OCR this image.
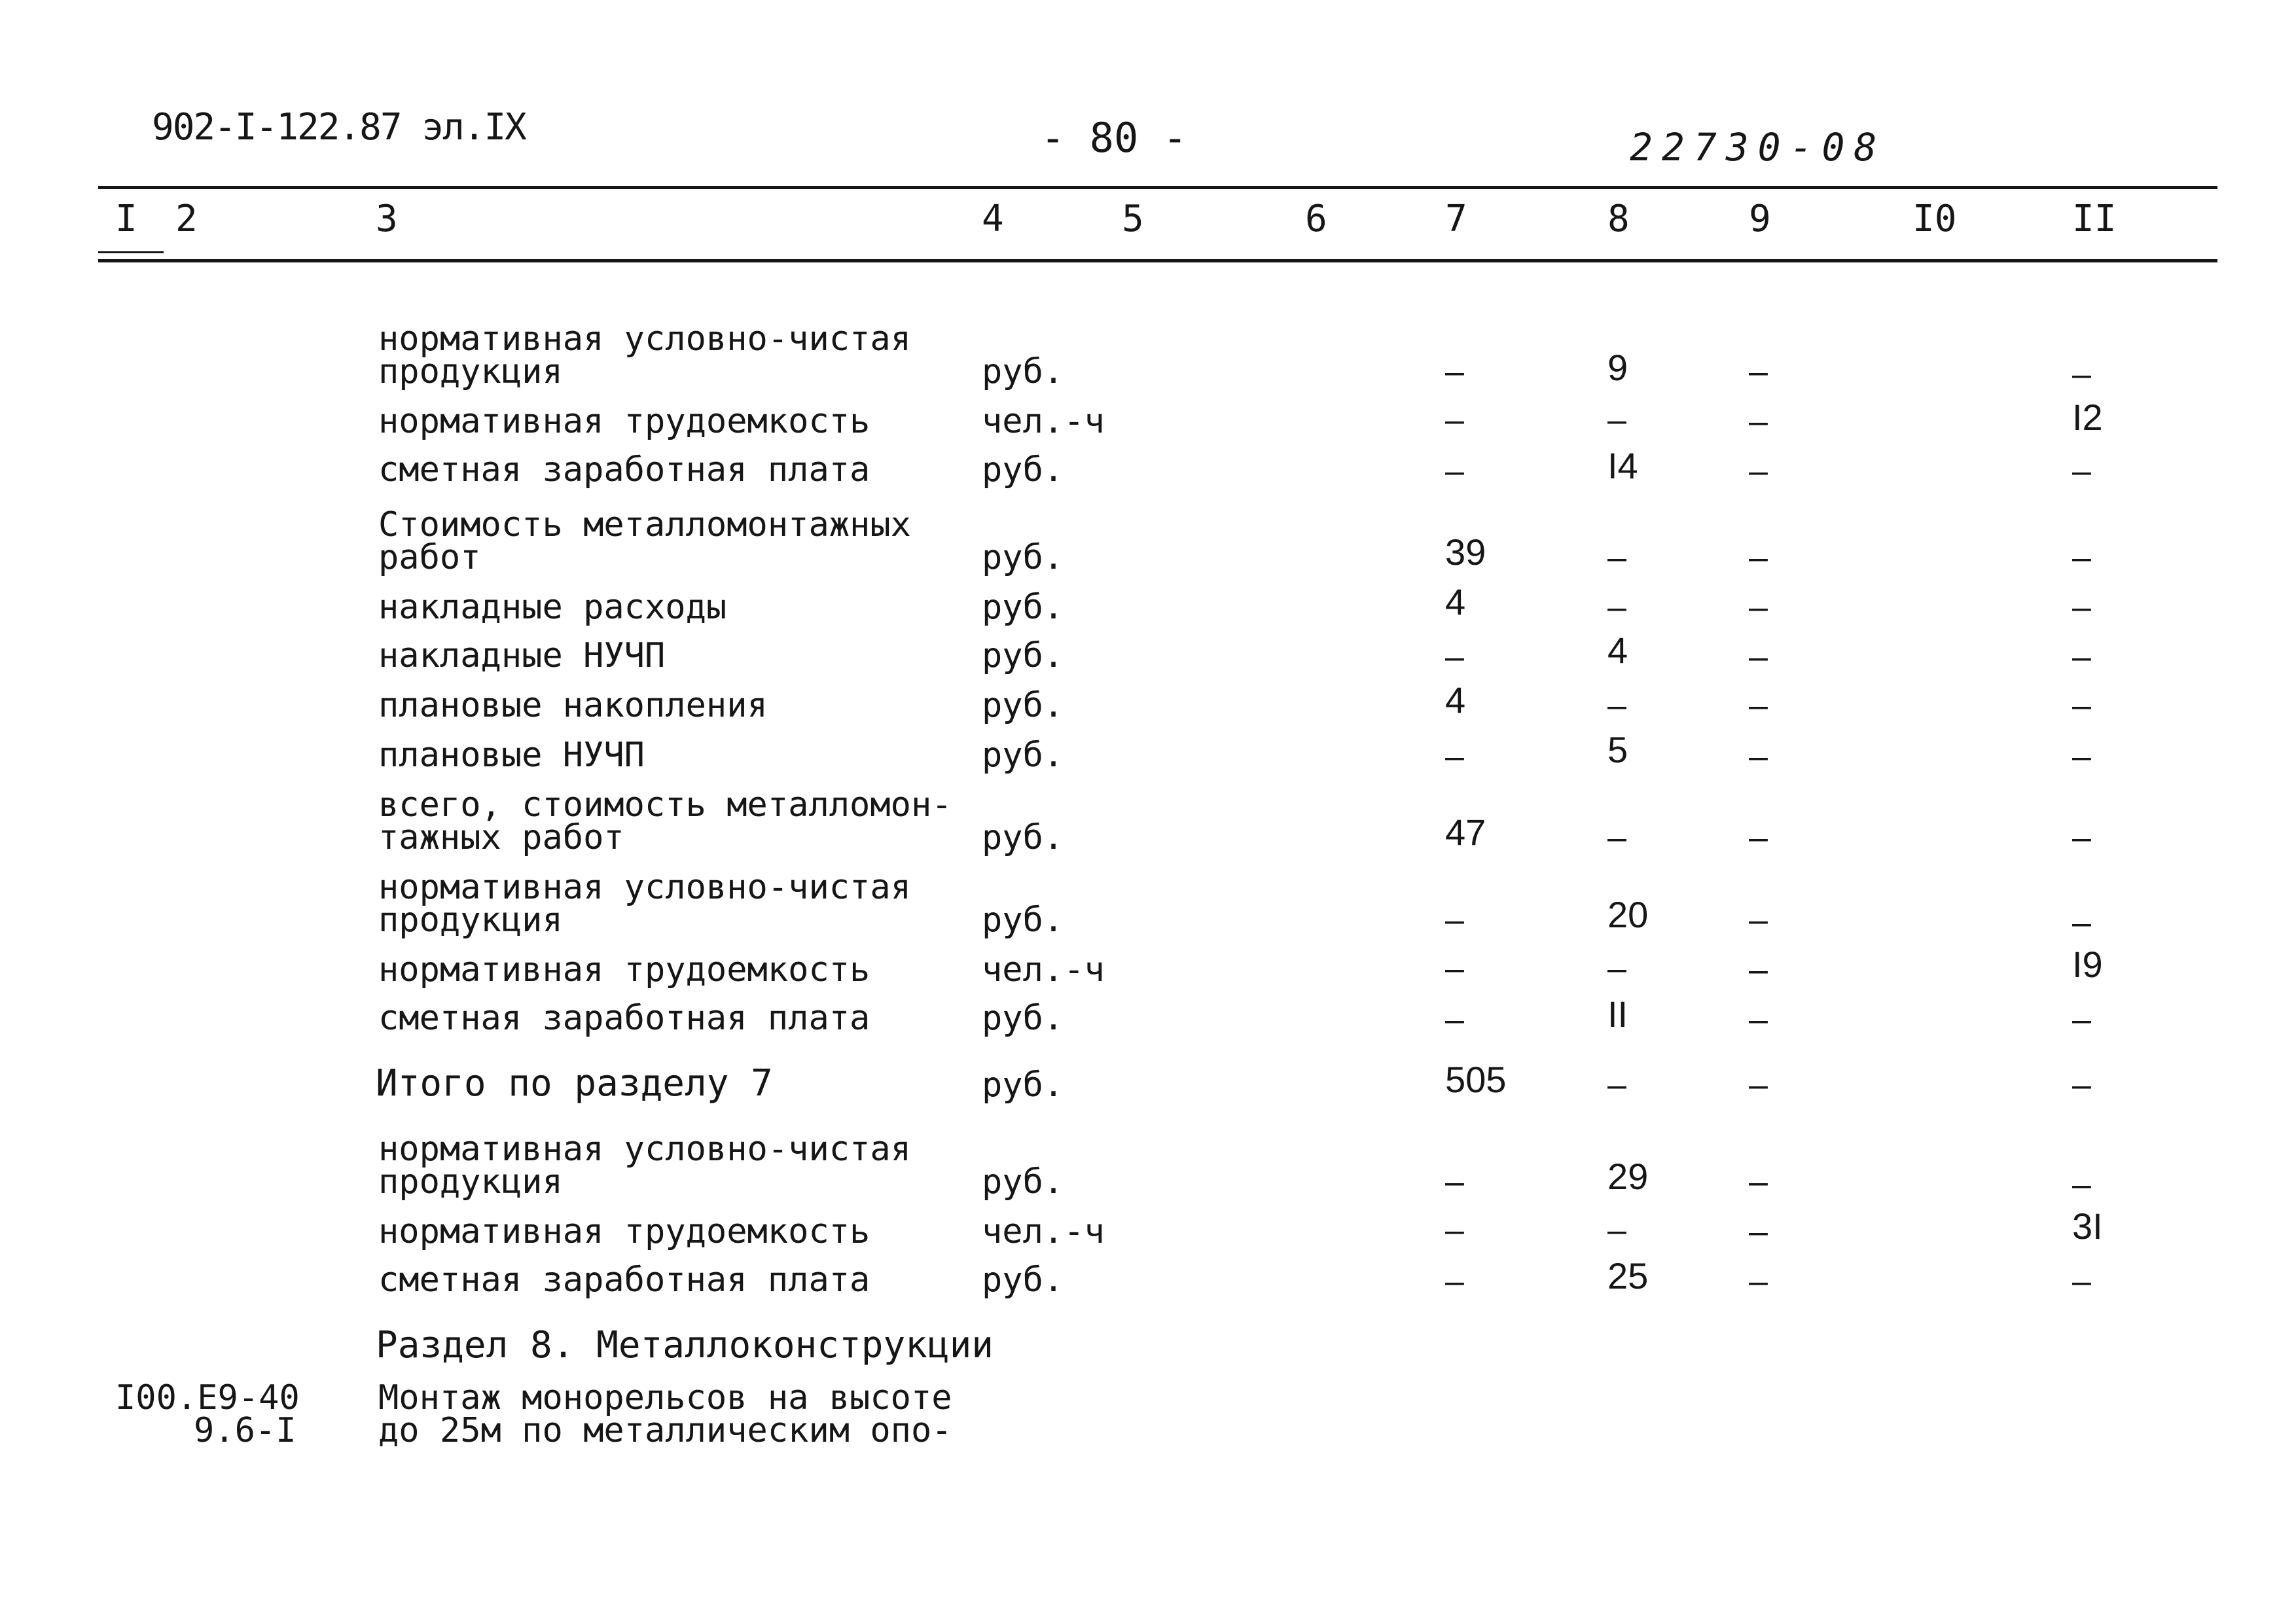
902-I-122.87 эл.IX	- 80 -	22730-08
I 2	3	4	5	6	7	8	9	I0	II
нормативная условно-чистая
продукция	руб.	–	9	–	–
нормативная трудоемкость	чел.-ч	–	–	–	I2
сметная заработная плата	руб.	–	I4	–	–
Стоимость металломонтажных
работ	руб.	39	–	–	–
накладные расходы	руб.	4	–	–	–
накладные НУЧП	руб.	–	4	–	–
плановые накопления	руб.	4	–	–	–
плановые НУЧП	руб.	–	5	–	–
всего, стоимость металломон-
тажных работ	руб.	47	–	–	–
нормативная условно-чистая
продукция	руб.	–	20	–	–
нормативная трудоемкость	чел.-ч	–	–	–	I9
сметная заработная плата	руб.	–	II	–	–
Итого по разделу 7	руб.	505	–	–	–
нормативная условно-чистая
продукция	руб.	–	29	–	–
нормативная трудоемкость	чел.-ч	–	–	–	3I
сметная заработная плата	руб.	–	25	–	–
Раздел 8. Металлоконструкции
I00.E9-40
9.6-I
Монтаж монорельсов на высоте
до 25м по металлическим опо-
